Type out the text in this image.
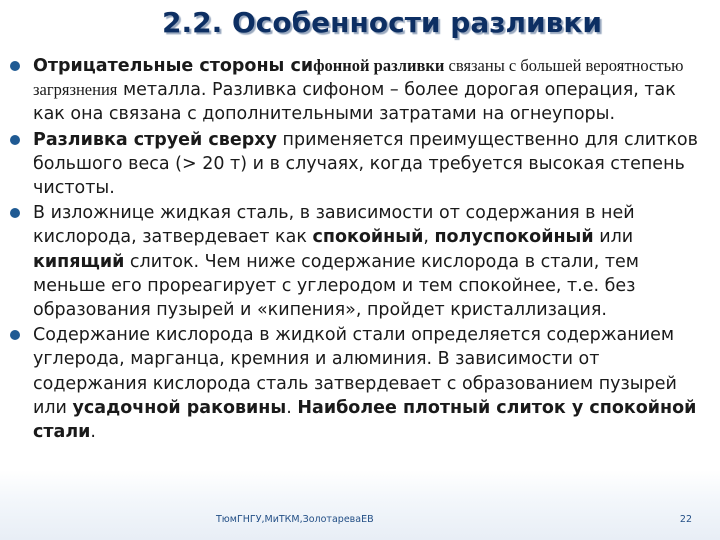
2.2. Особенности разливки
Отрицательные стороны сифонной разливки связаны с большей вероятностью загрязнения металла. Разливка сифоном – более дорогая операция, так как она связана с дополнительными затратами на огнеупоры.
Разливка струей сверху применяется преимущественно для слитков большого веса (> 20 т) и в случаях, когда требуется высокая степень чистоты.
В изложнице жидкая сталь, в зависимости от содержания в ней кислорода, затвердевает как спокойный, полуспокойный или кипящий слиток. Чем ниже содержание кислорода в стали, тем меньше его прореагирует с углеродом и тем спокойнее, т.е. без образования пузырей и «кипения», пройдет кристаллизация.
Содержание кислорода в жидкой стали определяется содержанием углерода, марганца, кремния и алюминия. В зависимости от содержания кислорода сталь затвердевает с образованием пузырей или усадочной раковины. Наиболее плотный слиток у спокойной стали.
ТюмГНГУ,МиТКМ,ЗолотареваЕВ	22
